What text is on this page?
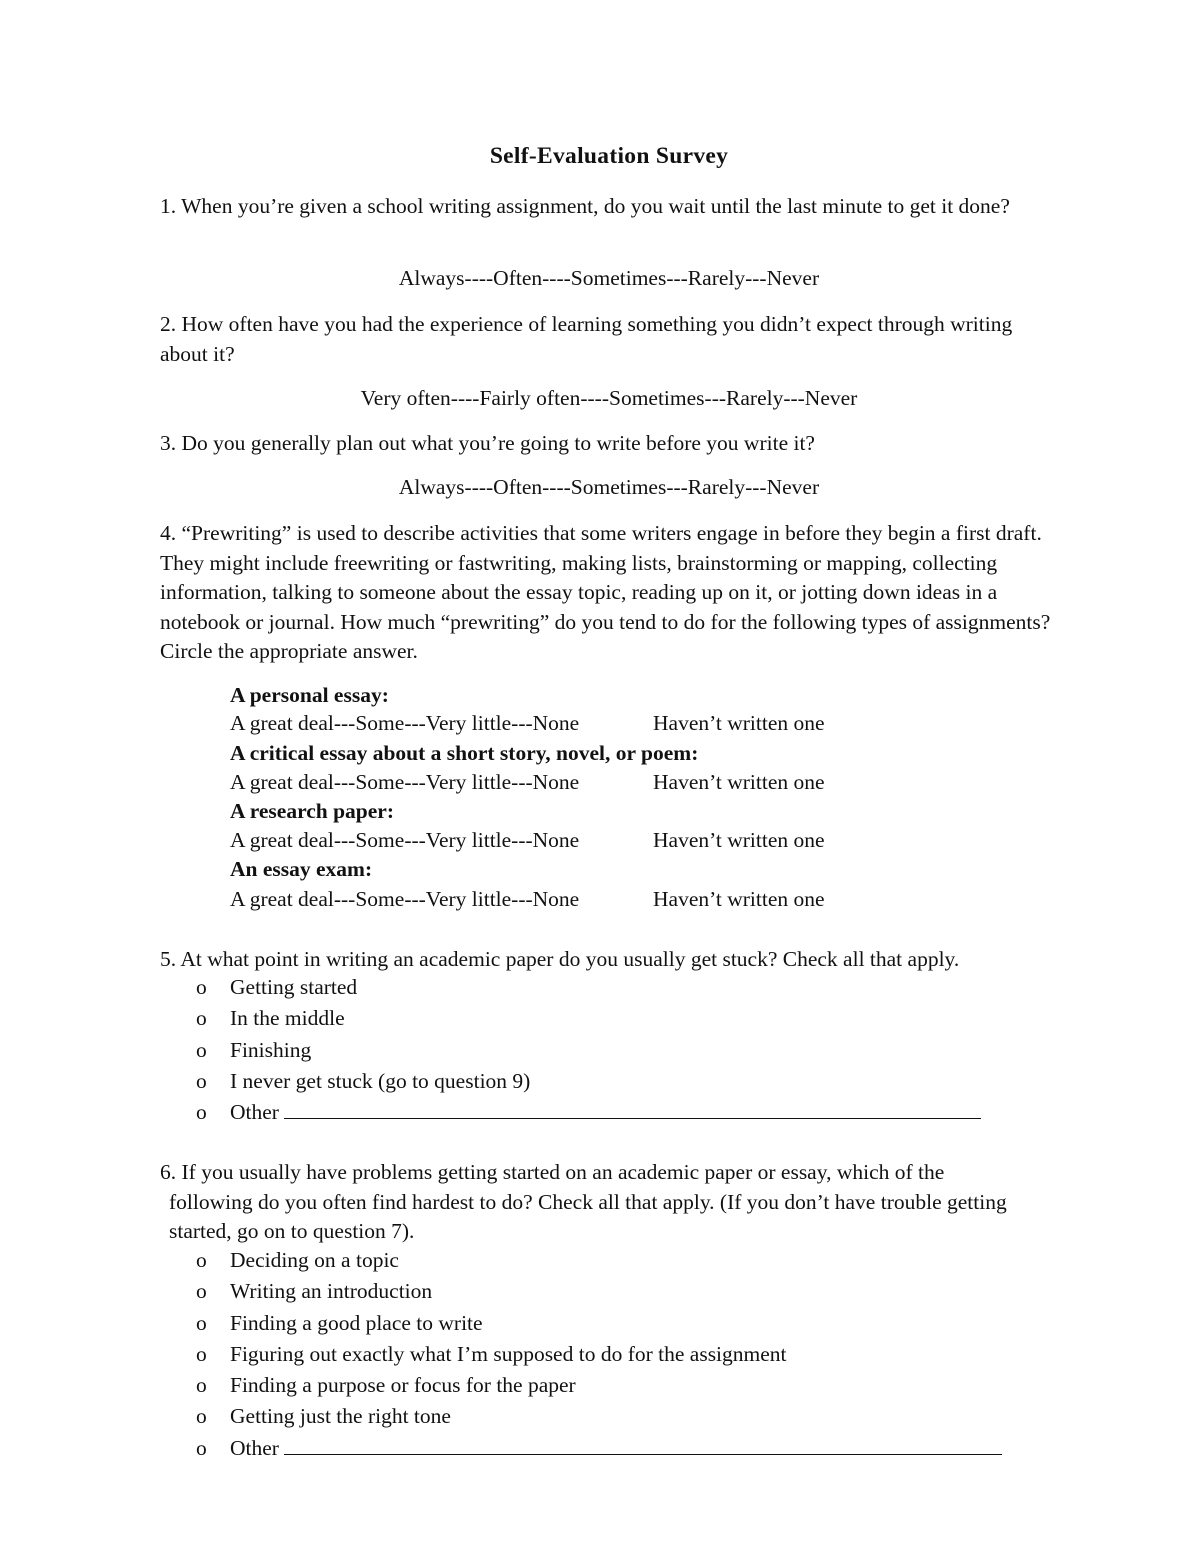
Self-Evaluation Survey
1. When you’re given a school writing assignment, do you wait until the last minute to get it done?
Always----Often----Sometimes---Rarely---Never
2. How often have you had the experience of learning something you didn’t expect through writing about it?
Very often----Fairly often----Sometimes---Rarely---Never
3. Do you generally plan out what you’re going to write before you write it?
Always----Often----Sometimes---Rarely---Never
4. “Prewriting” is used to describe activities that some writers engage in before they begin a first draft. They might include freewriting or fastwriting, making lists, brainstorming or mapping, collecting information, talking to someone about the essay topic, reading up on it, or jotting down ideas in a notebook or journal. How much “prewriting” do you tend to do for the following types of assignments? Circle the appropriate answer.
A personal essay:
A great deal---Some---Very little---None	Haven’t written one
A critical essay about a short story, novel, or poem:
A great deal---Some---Very little---None	Haven’t written one
A research paper:
A great deal---Some---Very little---None	Haven’t written one
An essay exam:
A great deal---Some---Very little---None	Haven’t written one
5. At what point in writing an academic paper do you usually get stuck? Check all that apply.
o Getting started
o In the middle
o Finishing
o I never get stuck (go to question 9)
o Other
6. If you usually have problems getting started on an academic paper or essay, which of the following do you often find hardest to do? Check all that apply. (If you don’t have trouble getting started, go on to question 7).
o Deciding on a topic
o Writing an introduction
o Finding a good place to write
o Figuring out exactly what I’m supposed to do for the assignment
o Finding a purpose or focus for the paper
o Getting just the right tone
o Other
